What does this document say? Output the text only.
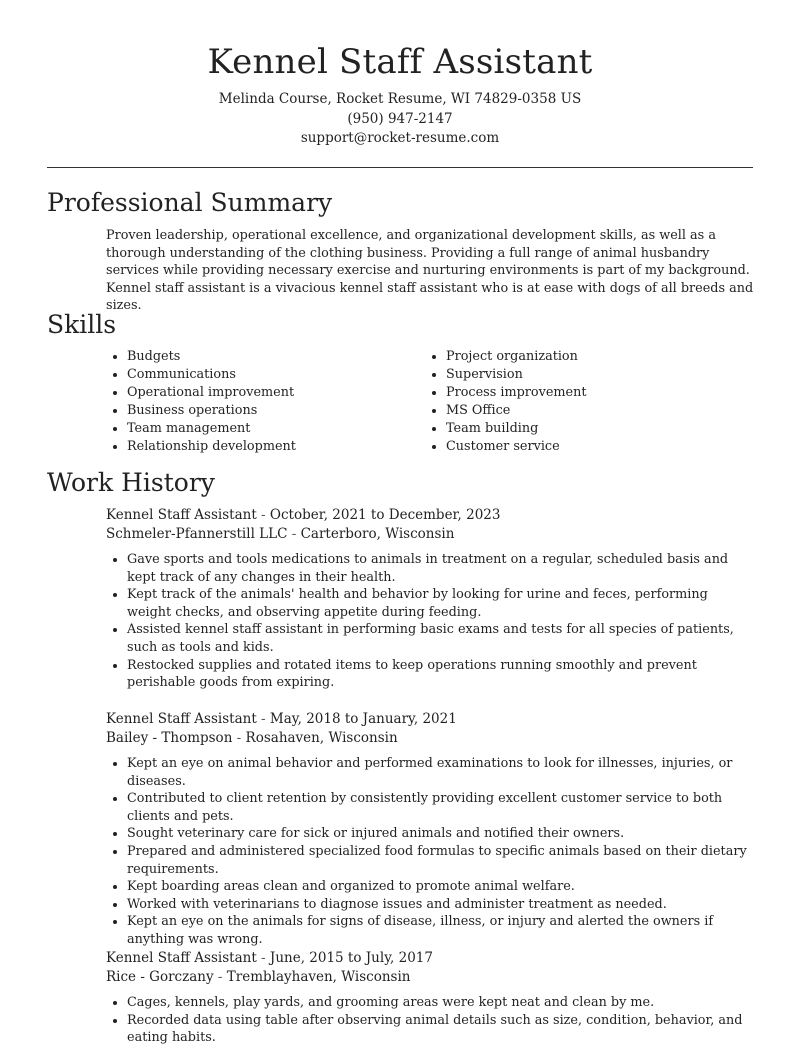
Kennel Staff Assistant
Melinda Course, Rocket Resume, WI 74829-0358 US
(950) 947-2147
support@rocket-resume.com
Professional Summary

Proven leadership, operational excellence, and organizational development skills, as well as a thorough understanding of the clothing business. Providing a full range of animal husbandry services while providing necessary exercise and nurturing environments is part of my background. Kennel staff assistant is a vivacious kennel staff assistant who is at ease with dogs of all breeds and sizes.

Skills
• Budgets
• Communications
• Operational improvement
• Business operations
• Team management
• Relationship development
• Project organization
• Supervision
• Process improvement
• MS Office
• Team building
• Customer service
Work History
Kennel Staff Assistant - October, 2021 to December, 2023
Schmeler-Pfannerstill LLC - Carterboro, Wisconsin
• Gave sports and tools medications to animals in treatment on a regular, scheduled basis and kept track of any changes in their health.
• Kept track of the animals' health and behavior by looking for urine and feces, performing weight checks, and observing appetite during feeding.
• Assisted kennel staff assistant in performing basic exams and tests for all species of patients, such as tools and kids.
• Restocked supplies and rotated items to keep operations running smoothly and prevent perishable goods from expiring.
Kennel Staff Assistant - May, 2018 to January, 2021
Bailey - Thompson - Rosahaven, Wisconsin
• Kept an eye on animal behavior and performed examinations to look for illnesses, injuries, or diseases.
• Contributed to client retention by consistently providing excellent customer service to both clients and pets.
• Sought veterinary care for sick or injured animals and notified their owners.
• Prepared and administered specialized food formulas to specific animals based on their dietary requirements.
• Kept boarding areas clean and organized to promote animal welfare.
• Worked with veterinarians to diagnose issues and administer treatment as needed.
• Kept an eye on the animals for signs of disease, illness, or injury and alerted the owners if anything was wrong.
Kennel Staff Assistant - June, 2015 to July, 2017
Rice - Gorczany - Tremblayhaven, Wisconsin
• Cages, kennels, play yards, and grooming areas were kept neat and clean by me.
• Recorded data using table after observing animal details such as size, condition, behavior, and eating habits.
